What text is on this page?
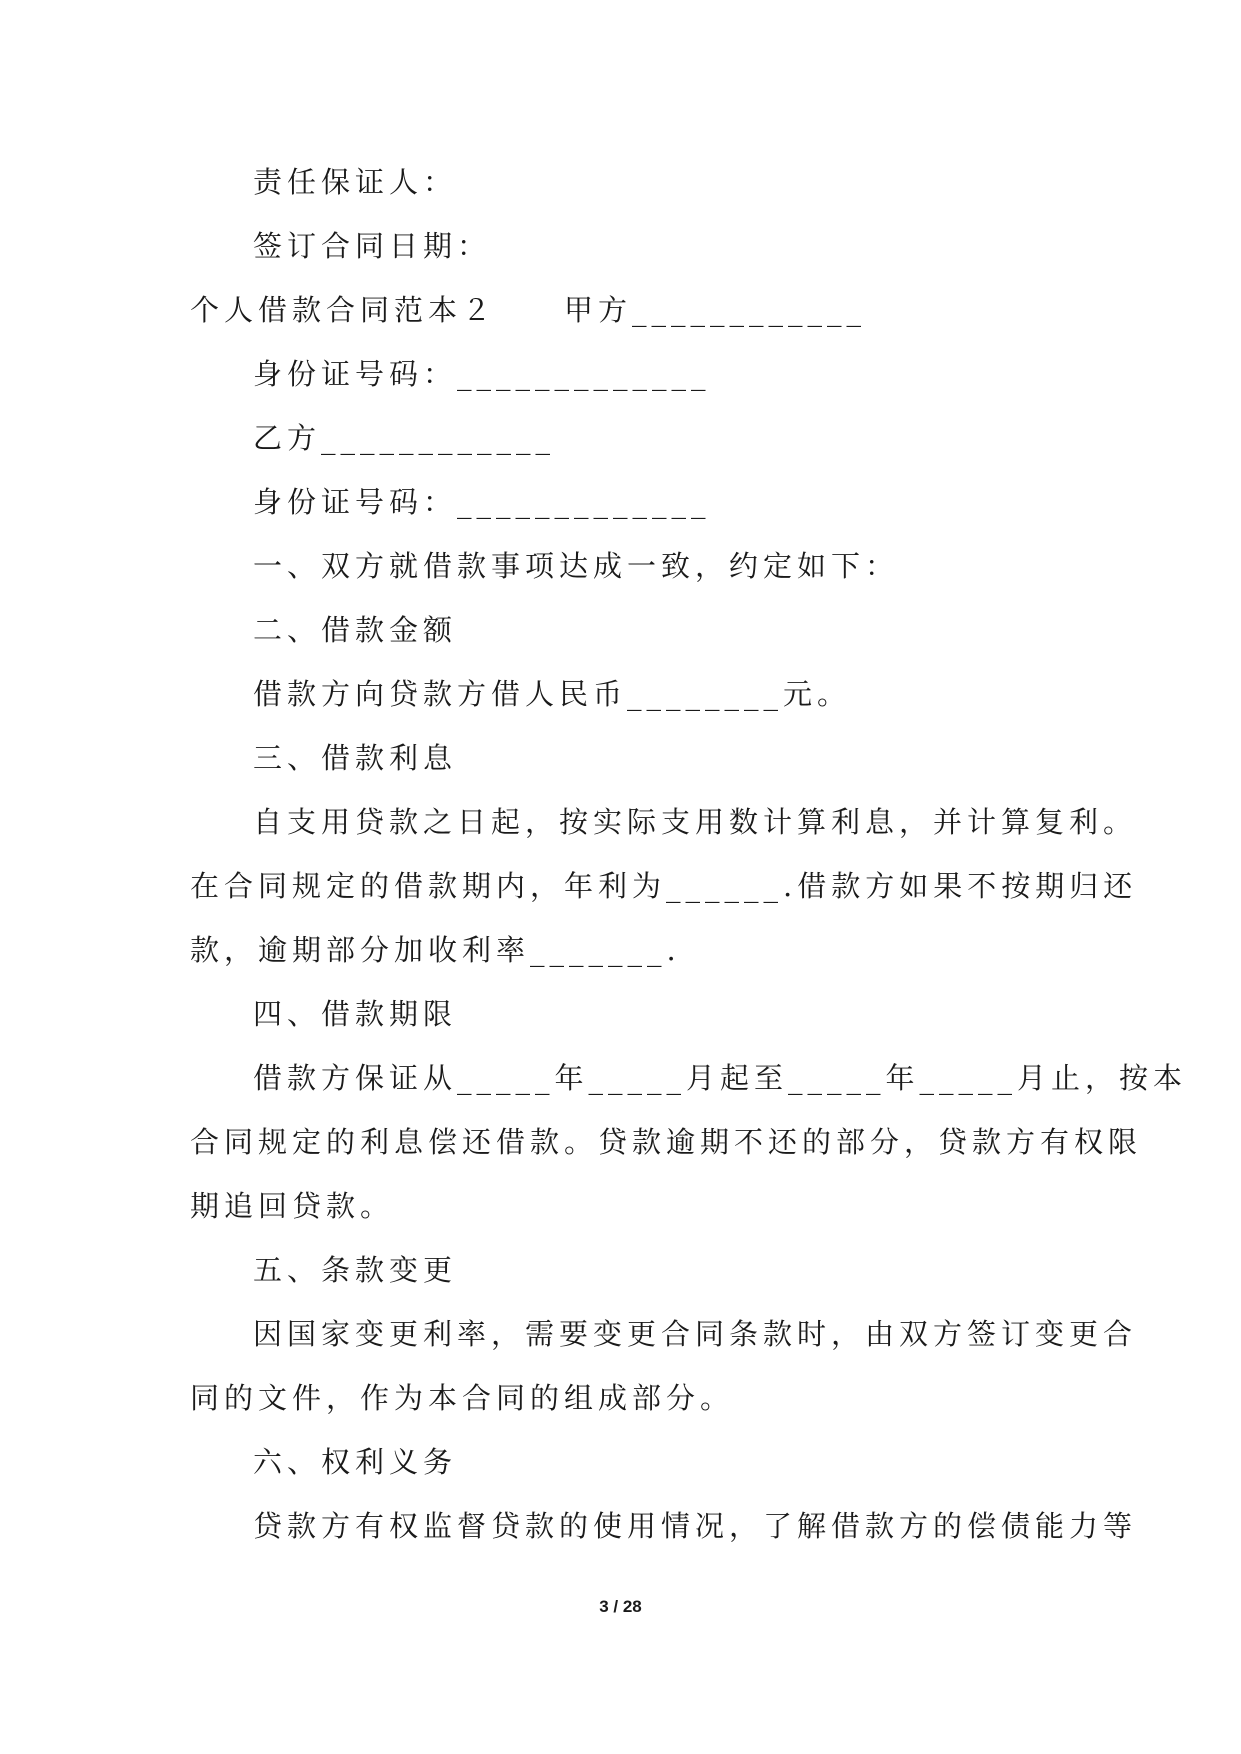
责任保证人：
签订合同日期：
个人借款合同范本２　　甲方____________
身份证号码：_____________
乙方____________
身份证号码：_____________
一、双方就借款事项达成一致，约定如下：
二、借款金额
借款方向贷款方借人民币________元。
三、借款利息
自支用贷款之日起，按实际支用数计算利息，并计算复利。
在合同规定的借款期内，年利为______.借款方如果不按期归还
款，逾期部分加收利率_______.
四、借款期限
借款方保证从_____年_____月起至_____年_____月止，按本
合同规定的利息偿还借款。贷款逾期不还的部分，贷款方有权限
期追回贷款。
五、条款变更
因国家变更利率，需要变更合同条款时，由双方签订变更合
同的文件，作为本合同的组成部分。
六、权利义务
贷款方有权监督贷款的使用情况，了解借款方的偿债能力等
3 / 28
